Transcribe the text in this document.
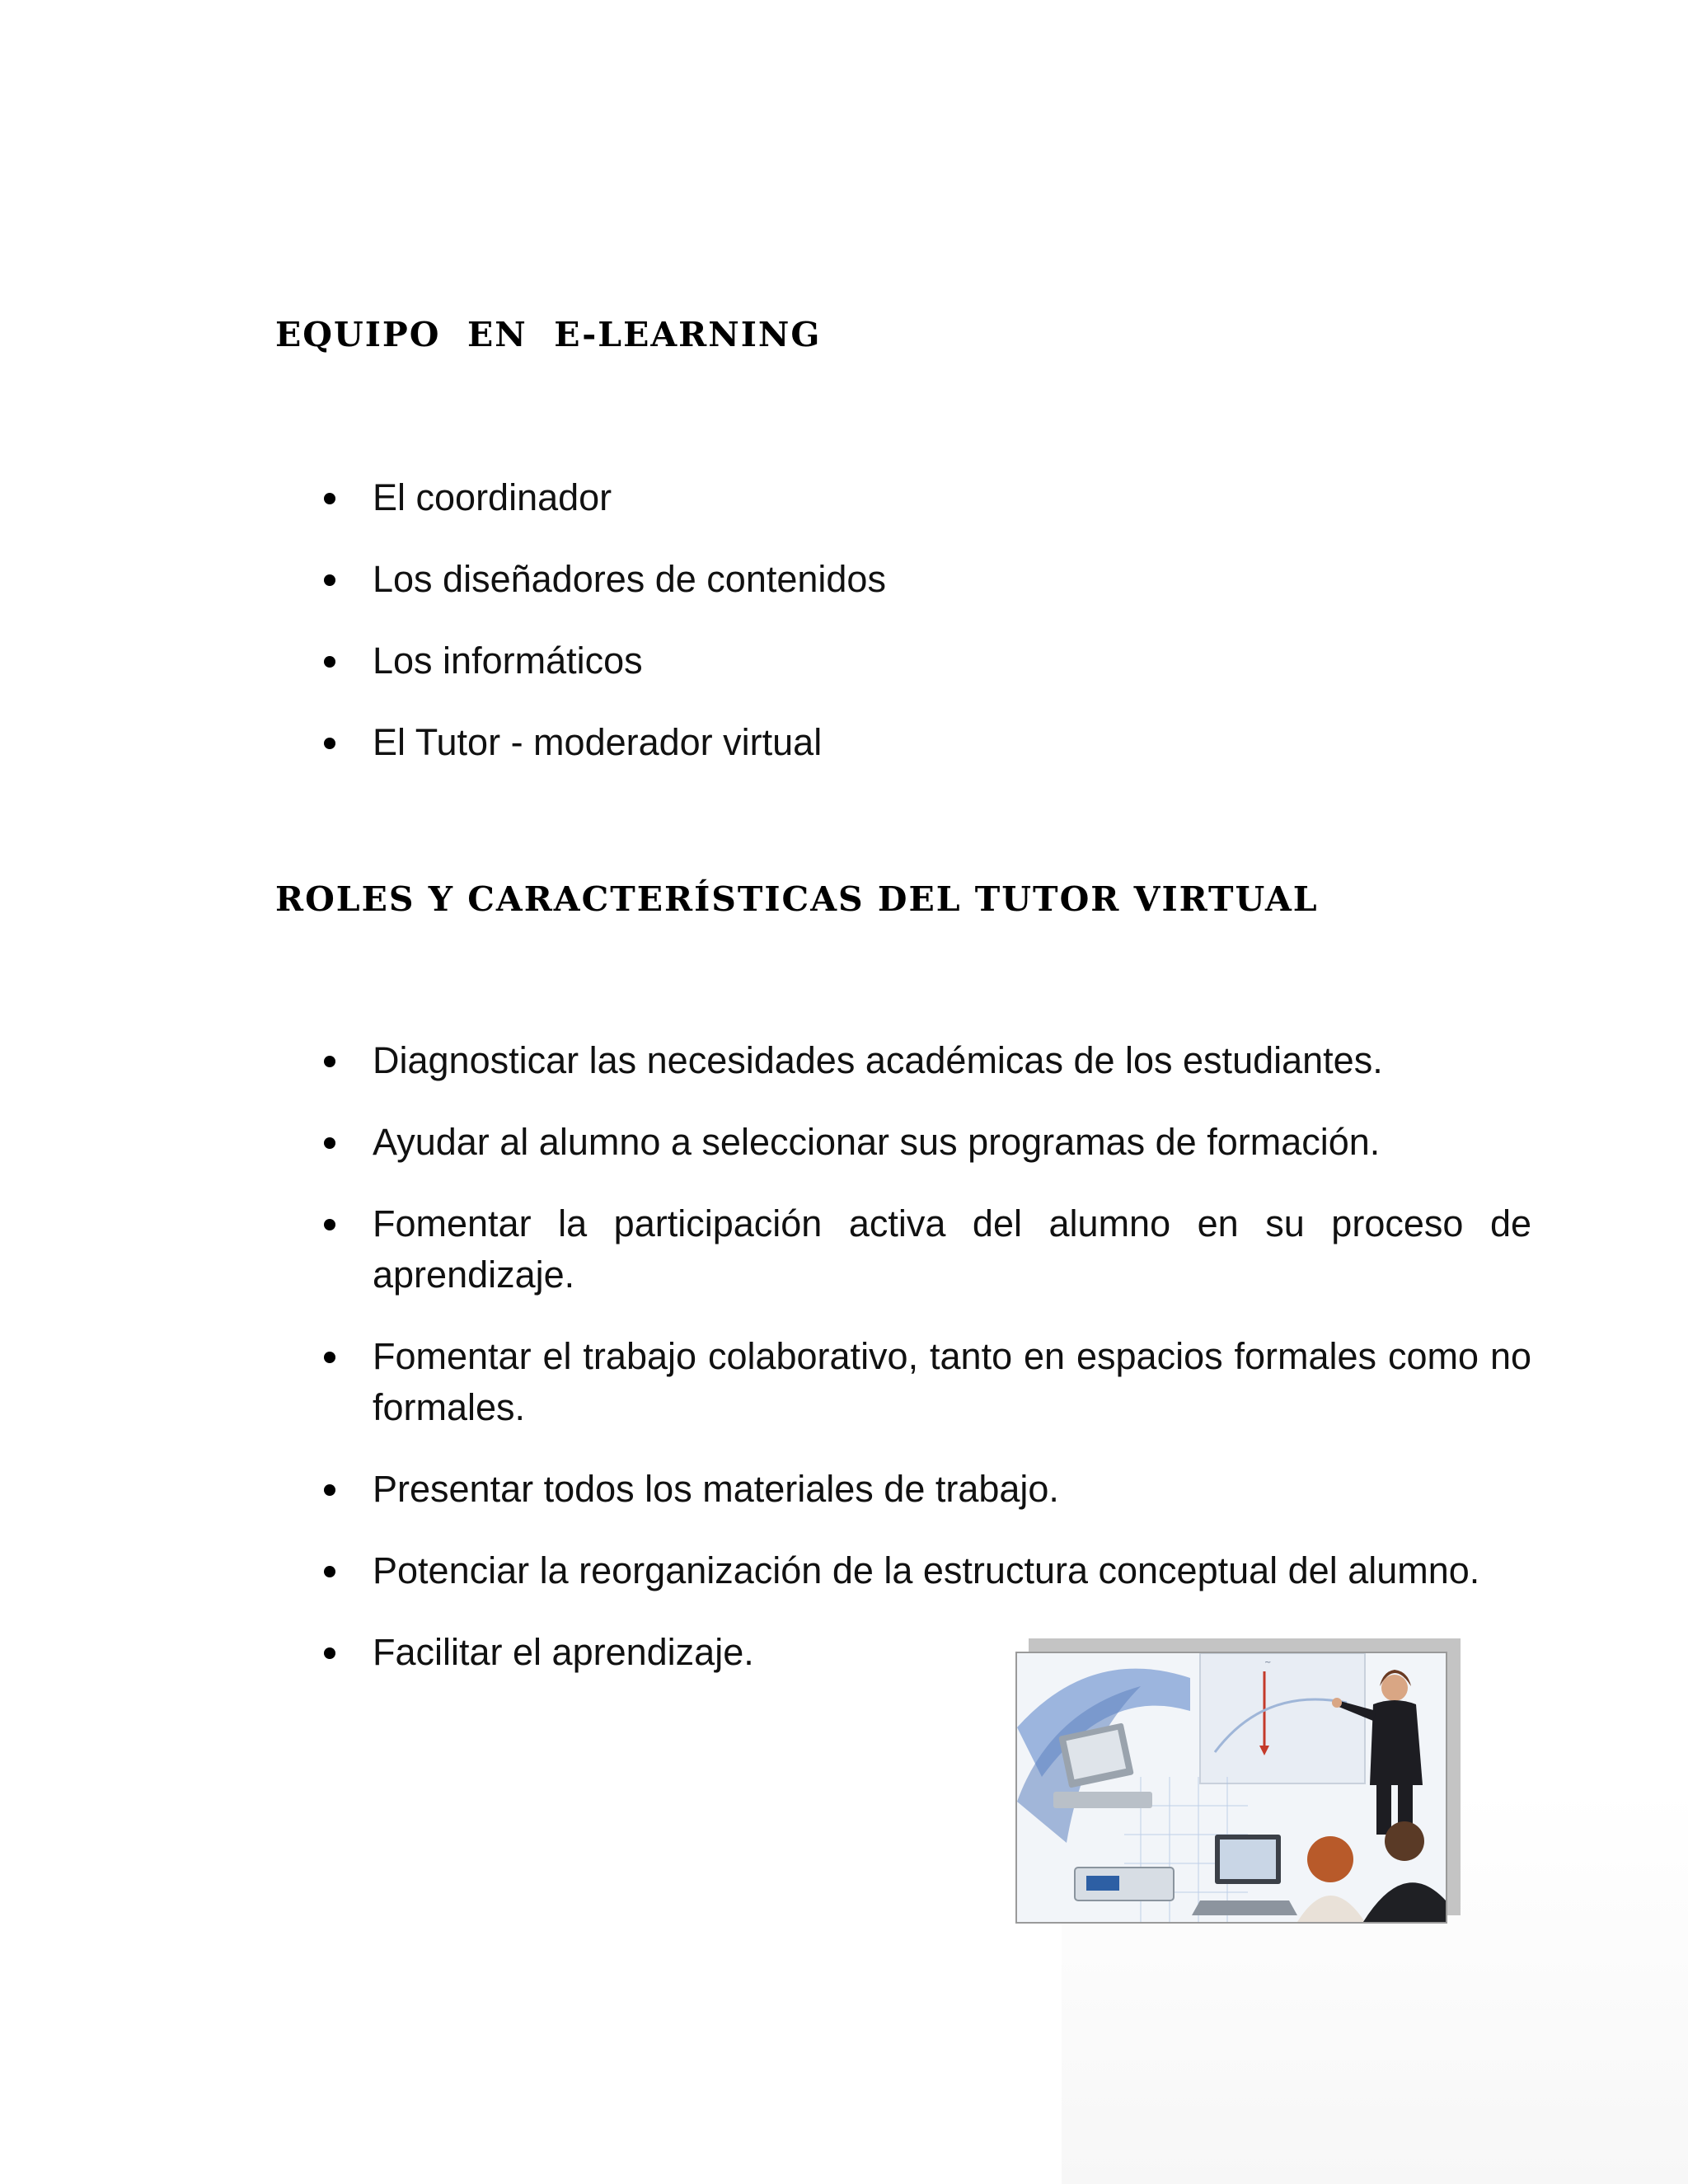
EQUIPO  EN  E-LEARNING
El coordinador
Los diseñadores de contenidos
Los informáticos
El Tutor - moderador virtual
ROLES Y CARACTERÍSTICAS DEL TUTOR VIRTUAL
Diagnosticar las necesidades académicas de los estudiantes.
Ayudar al alumno a seleccionar sus programas de formación.
Fomentar la participación activa del alumno en su proceso de aprendizaje.
Fomentar el trabajo colaborativo, tanto en espacios formales como no formales.
Presentar todos los materiales de trabajo.
Potenciar la reorganización de la estructura conceptual del alumno.
Facilitar el aprendizaje.	~
